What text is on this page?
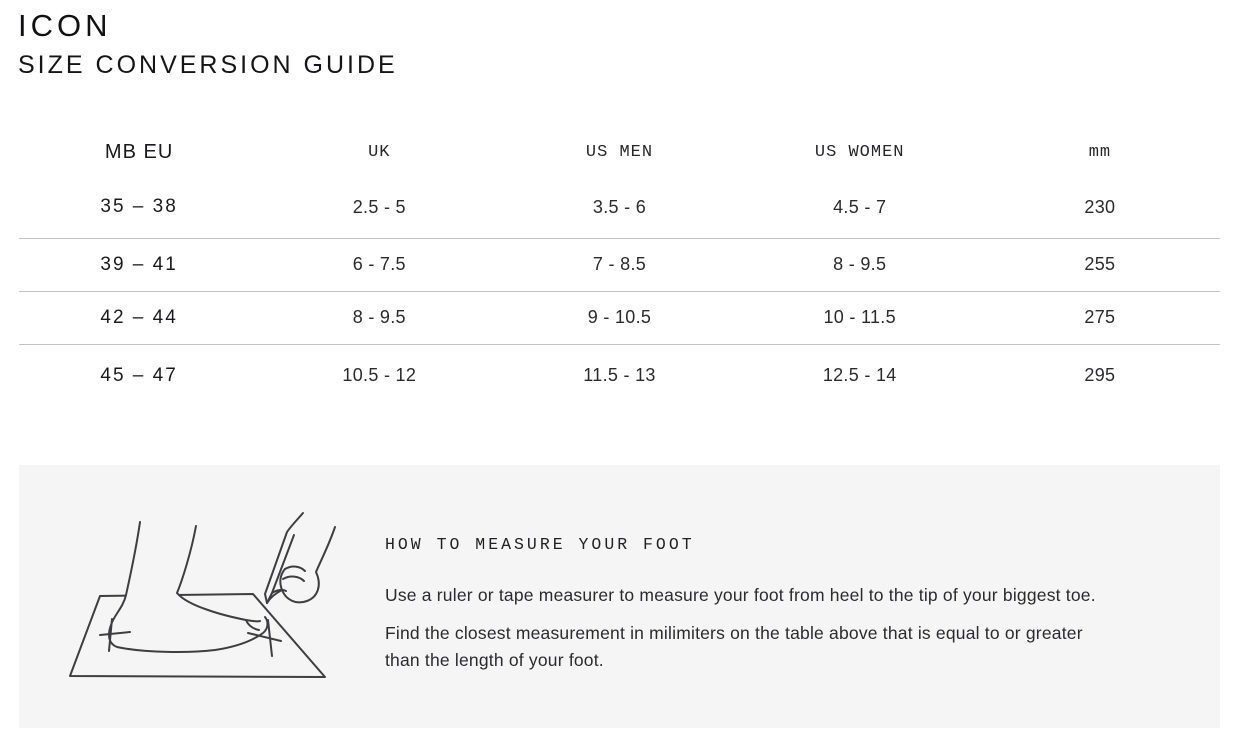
ICON
SIZE CONVERSION GUIDE
MB EU	UK	US MEN	US WOMEN	mm
35 – 38	2.5 - 5	3.5 - 6	4.5 - 7	230
39 – 41	6 - 7.5	7 - 8.5	8 - 9.5	255
42 – 44	8 - 9.5	9 - 10.5	10 - 11.5	275
45 – 47	10.5 - 12	11.5 - 13	12.5 - 14	295
HOW TO MEASURE YOUR FOOT

Use a ruler or tape measurer to measure your foot from heel to the tip of your biggest toe.

Find the closest measurement in milimiters on the table above that is equal to or greater than the length of your foot.
